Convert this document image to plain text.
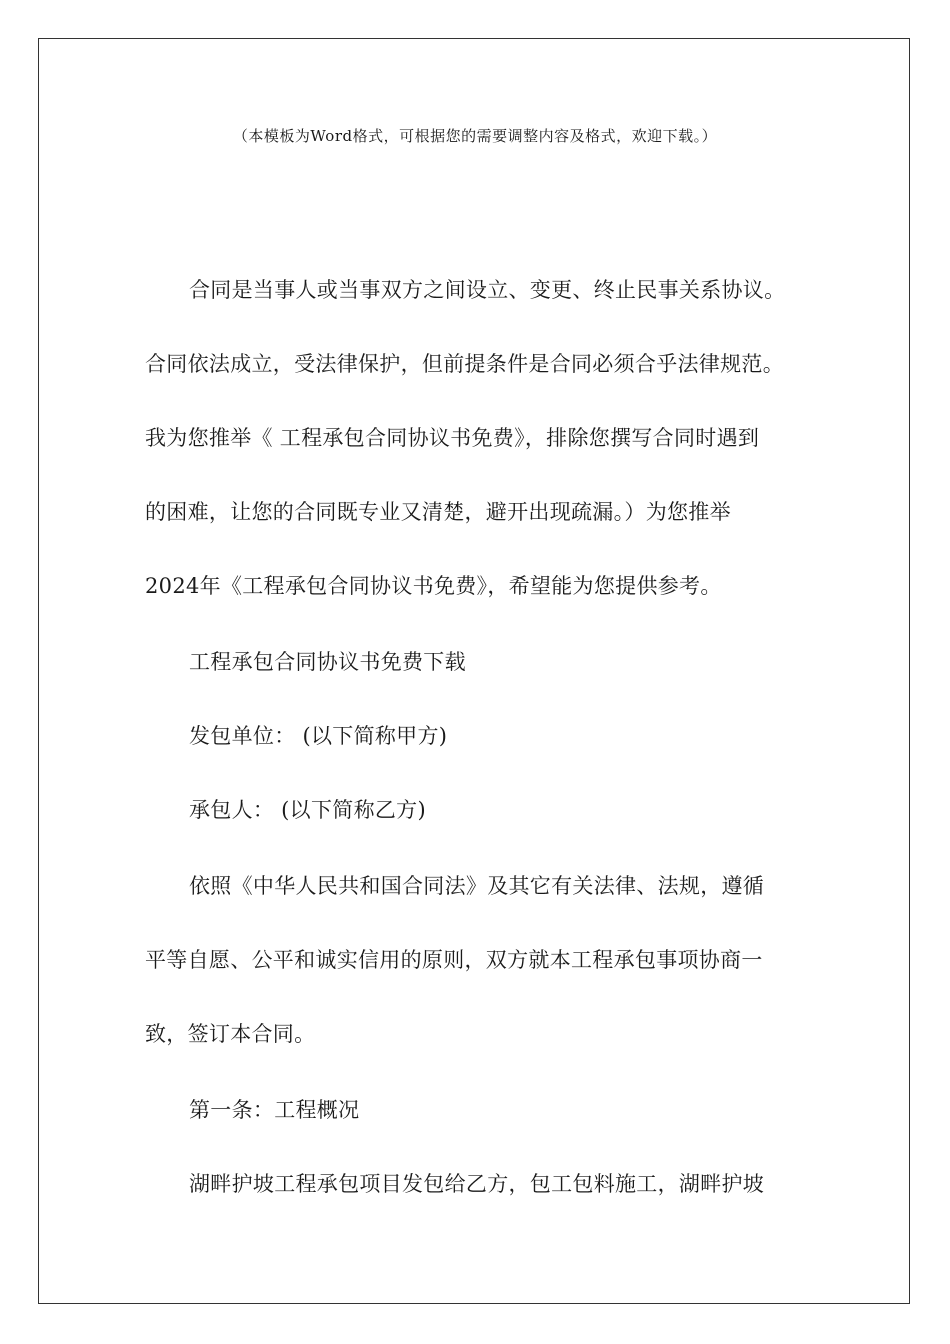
（本模板为Word格式，可根据您的需要调整内容及格式，欢迎下载。）
合同是当事人或当事双方之间设立、变更、终止民事关系协议。
合同依法成立，受法律保护，但前提条件是合同必须合乎法律规范。
我为您推举《 工程承包合同协议书免费》，排除您撰写合同时遇到
的困难，让您的合同既专业又清楚，避开出现疏漏。）为您推举
2024年《工程承包合同协议书免费》，希望能为您提供参考。
工程承包合同协议书免费下载
发包单位： (以下简称甲方)
承包人： (以下简称乙方)
依照《中华人民共和国合同法》及其它有关法律、法规，遵循
平等自愿、公平和诚实信用的原则，双方就本工程承包事项协商一
致，签订本合同。
第一条：工程概况
湖畔护坡工程承包项目发包给乙方，包工包料施工，湖畔护坡
